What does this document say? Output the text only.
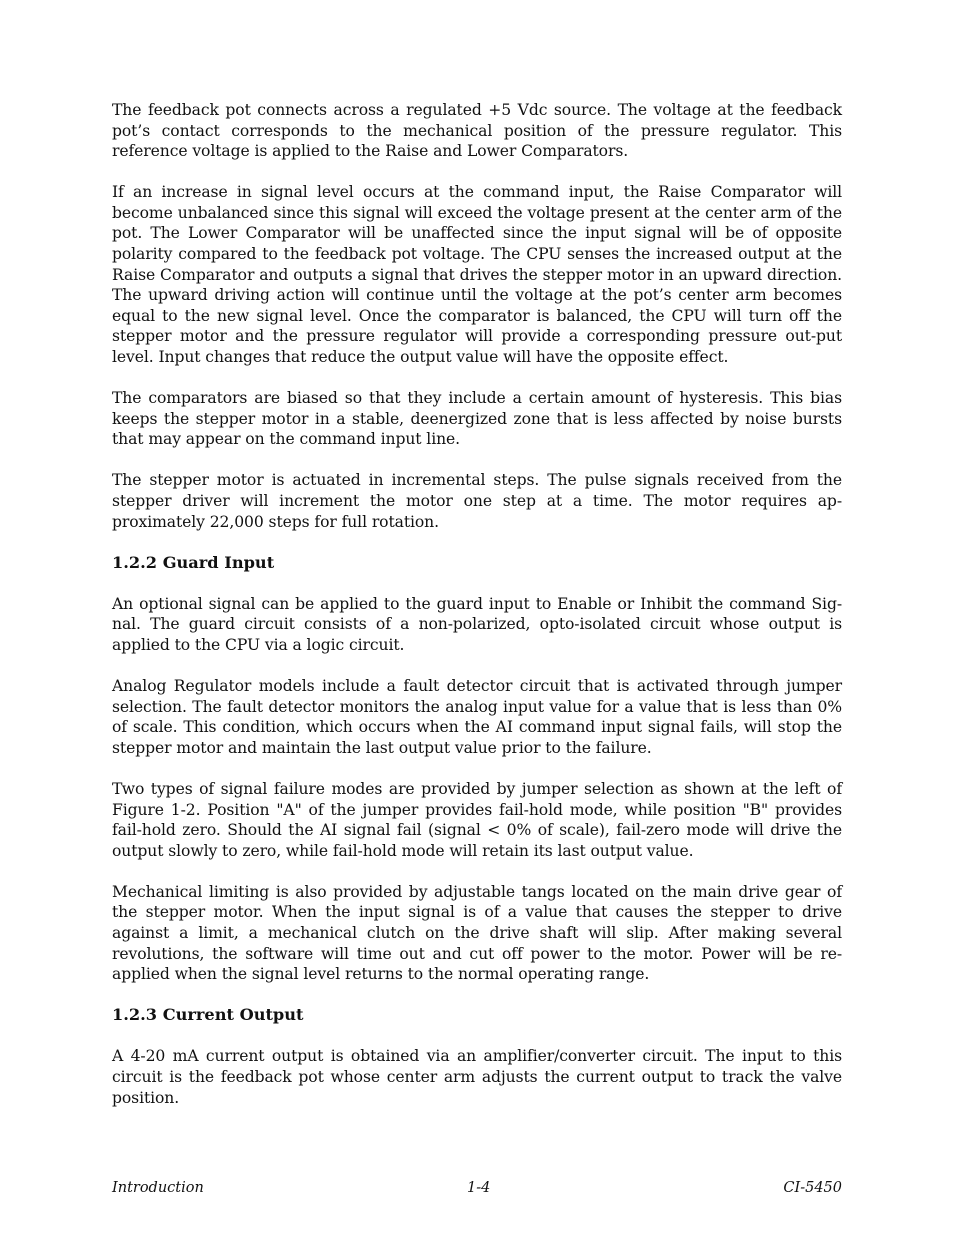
The feedback pot connects across a regulated +5 Vdc source. The voltage at the feedback pot’s contact corresponds to the mechanical position of the pressure regulator. This reference voltage is applied to the Raise and Lower Comparators.

If an increase in signal level occurs at the command input, the Raise Comparator will become unbalanced since this signal will exceed the voltage present at the center arm of the pot. The Lower Comparator will be unaffected since the input signal will be of opposite polarity compared to the feedback pot voltage. The CPU senses the increased output at the Raise Comparator and outputs a signal that drives the stepper motor in an upward direction. The upward driving action will continue until the voltage at the pot’s center arm becomes equal to the new signal level. Once the comparator is balanced, the CPU will turn off the stepper motor and the pressure regulator will provide a corresponding pressure out-put level. Input changes that reduce the output value will have the opposite effect.

The comparators are biased so that they include a certain amount of hysteresis. This bias keeps the stepper motor in a stable, deenergized zone that is less affected by noise bursts that may appear on the command input line.

The stepper motor is actuated in incremental steps. The pulse signals received from the stepper driver will increment the motor one step at a time. The motor requires ap-proximately 22,000 steps for full rotation.

1.2.2 Guard Input

An optional signal can be applied to the guard input to Enable or Inhibit the command Sig-nal. The guard circuit consists of a non-polarized, opto-isolated circuit whose output is applied to the CPU via a logic circuit.

Analog Regulator models include a fault detector circuit that is activated through jumper selection. The fault detector monitors the analog input value for a value that is less than 0% of scale. This condition, which occurs when the AI command input signal fails, will stop the stepper motor and maintain the last output value prior to the failure.

Two types of signal failure modes are provided by jumper selection as shown at the left of Figure 1-2. Position "A" of the jumper provides fail-hold mode, while position "B" provides fail-hold zero. Should the AI signal fail (signal < 0% of scale), fail-zero mode will drive the output slowly to zero, while fail-hold mode will retain its last output value.

Mechanical limiting is also provided by adjustable tangs located on the main drive gear of the stepper motor. When the input signal is of a value that causes the stepper to drive against a limit, a mechanical clutch on the drive shaft will slip. After making several revolutions, the software will time out and cut off power to the motor. Power will be re-applied when the signal level returns to the normal operating range.

1.2.3 Current Output

A 4-20 mA current output is obtained via an amplifier/converter circuit. The input to this circuit is the feedback pot whose center arm adjusts the current output to track the valve position.

Introduction	1-4	CI-5450
